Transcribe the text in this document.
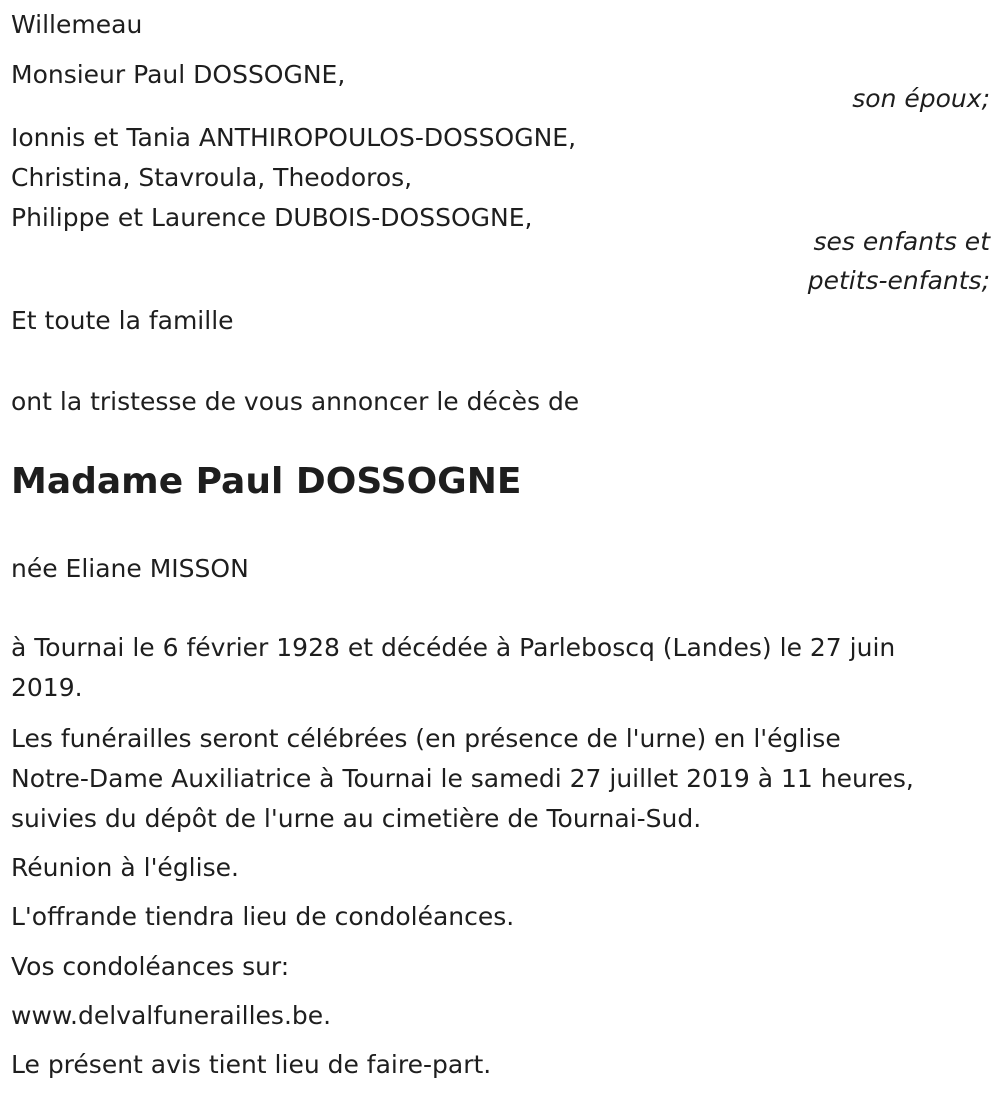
Willemeau

Monsieur Paul DOSSOGNE,

son époux;

Ionnis et Tania ANTHIROPOULOS-DOSSOGNE,

Christina, Stavroula, Theodoros,

Philippe et Laurence DUBOIS-DOSSOGNE,

ses enfants et

petits-enfants;

Et toute la famille

ont la tristesse de vous annoncer le décès de

Madame Paul DOSSOGNE

née Eliane MISSON

à Tournai le 6 février 1928 et décédée à Parleboscq (Landes) le 27 juin

2019.

Les funérailles seront célébrées (en présence de l'urne) en l'église

Notre-Dame Auxiliatrice à Tournai le samedi 27 juillet 2019 à 11 heures,

suivies du dépôt de l'urne au cimetière de Tournai-Sud.

Réunion à l'église.

L'offrande tiendra lieu de condoléances.

Vos condoléances sur:

www.delvalfunerailles.be.

Le présent avis tient lieu de faire-part.
